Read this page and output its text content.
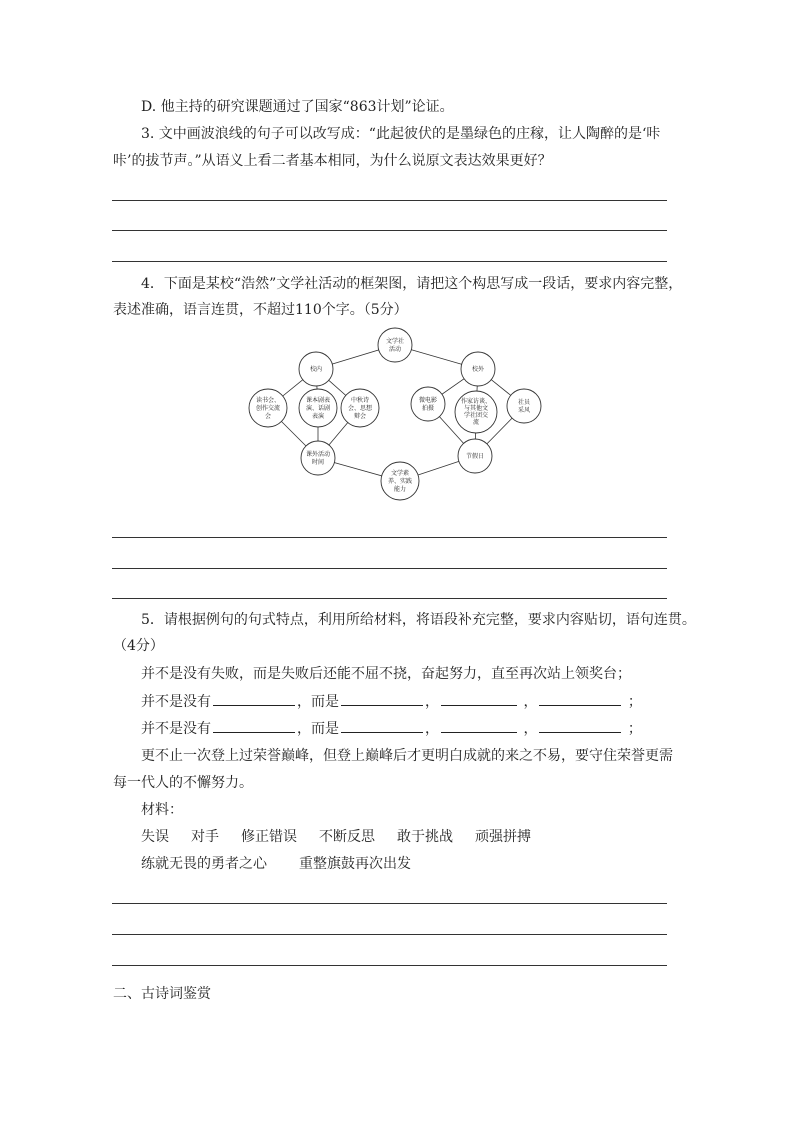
D. 他主持的研究课题通过了国家“863计划”论证。
3. 文中画波浪线的句子可以改写成：“此起彼伏的是墨绿色的庄稼，让人陶醉的是‘咔
咔’的拔节声。”从语义上看二者基本相同，为什么说原文表达效果更好？
4．下面是某校“浩然”文学社活动的框架图，请把这个构思写成一段话，要求内容完整，
表述准确，语言连贯，不超过110个字。（5分）
文学社
活动
校内	校外
读书会、
创作交流
会
课本剧表
演、话剧
表演
中秋诗
会、思想
辩会
微电影
拍摄
作家访谈、
与其他文
学社团交
流
社员
采风
课外活动
时间
节假日
文学素
养、实践
能力
5．请根据例句的句式特点，利用所给材料，将语段补充完整，要求内容贴切，语句连贯。
（4分）
并不是没有失败，而是失败后还能不屈不挠，奋起努力，直至再次站上领奖台；
并不是没有	，而是	，	，	；
并不是没有	，而是	，	，	；
更不止一次登上过荣誉巅峰，但登上巅峰后才更明白成就的来之不易，要守住荣誉更需
每一代人的不懈努力。
材料：
失误 对手 修正错误 不断反思 敢于挑战 顽强拼搏
练就无畏的勇者之心 重整旗鼓再次出发
二、古诗词鉴赏
